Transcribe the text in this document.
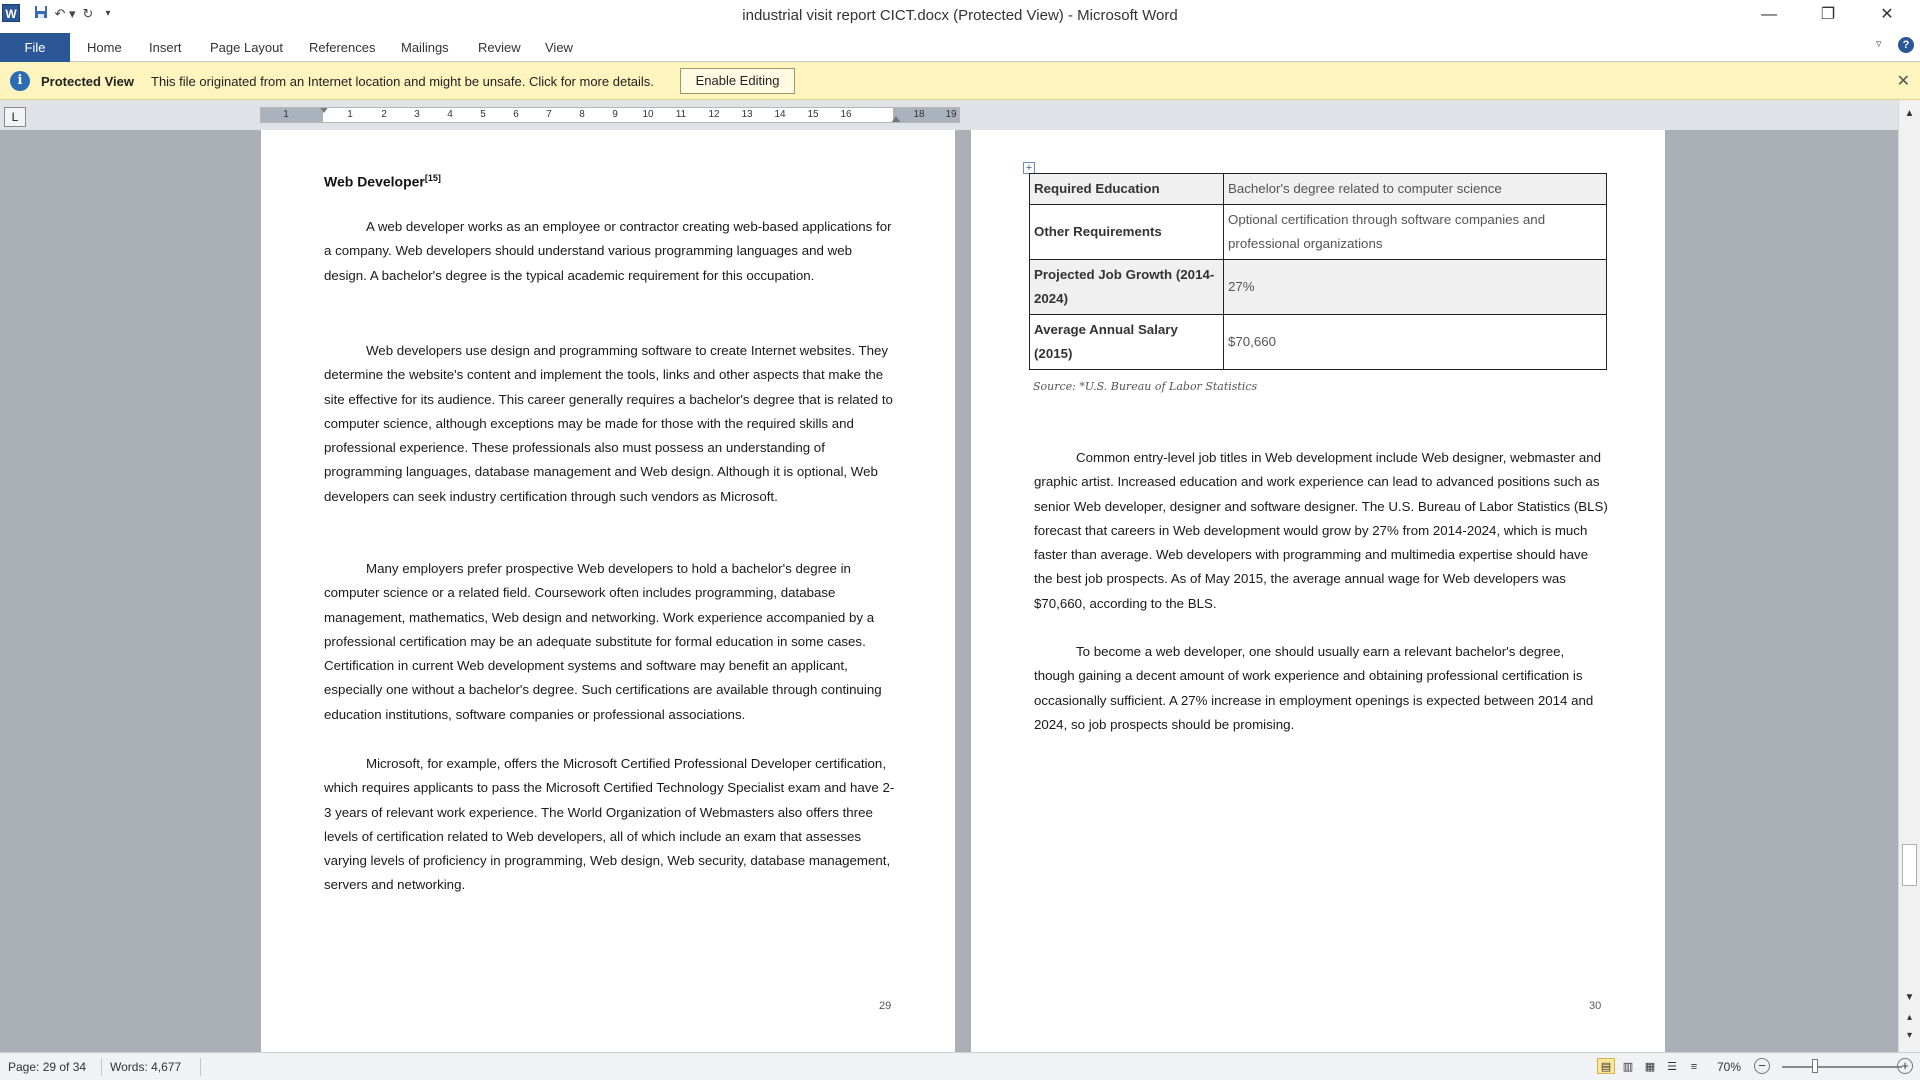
W	↶ ▾ ↻	▾	industrial visit report CICT.docx (Protected View) - Microsoft Word	—	❐	✕
File	Home Insert Page Layout References Mailings Review View	▿	?
i	Protected View This file originated from an Internet location and might be unsafe. Click for more details.	Enable Editing	✕
L	1	1	2	3	4	5	6	7	8	9	10 11 12 13 14 15 16	18 19
Web Developer[15]
A web developer works as an employee or contractor creating web-based applications for a company. Web developers should understand various programming languages and web design. A bachelor's degree is the typical academic requirement for this occupation.
Web developers use design and programming software to create Internet websites. They determine the website's content and implement the tools, links and other aspects that make the site effective for its audience. This career generally requires a bachelor's degree that is related to computer science, although exceptions may be made for those with the required skills and professional experience. These professionals also must possess an understanding of programming languages, database management and Web design. Although it is optional, Web developers can seek industry certification through such vendors as Microsoft.
Many employers prefer prospective Web developers to hold a bachelor's degree in computer science or a related field. Coursework often includes programming, database management, mathematics, Web design and networking. Work experience accompanied by a professional certification may be an adequate substitute for formal education in some cases. Certification in current Web development systems and software may benefit an applicant, especially one without a bachelor's degree. Such certifications are available through continuing education institutions, software companies or professional associations.
Microsoft, for example, offers the Microsoft Certified Professional Developer certification, which requires applicants to pass the Microsoft Certified Technology Specialist exam and have 2-3 years of relevant work experience. The World Organization of Webmasters also offers three levels of certification related to Web developers, all of which include an exam that assesses varying levels of proficiency in programming, Web design, Web security, database management, servers and networking.
29
+
Required Education	Bachelor's degree related to computer science
Other Requirements	Optional certification through software companies and professional organizations
Projected Job Growth (2014-2024)	27%
Average Annual Salary (2015)	$70,660
Source: *U.S. Bureau of Labor Statistics
Common entry-level job titles in Web development include Web designer, webmaster and graphic artist. Increased education and work experience can lead to advanced positions such as senior Web developer, designer and software designer. The U.S. Bureau of Labor Statistics (BLS) forecast that careers in Web development would grow by 27% from 2014-2024, which is much faster than average. Web developers with programming and multimedia expertise should have the best job prospects. As of May 2015, the average annual wage for Web developers was $70,660, according to the BLS.
To become a web developer, one should usually earn a relevant bachelor's degree, though gaining a decent amount of work experience and obtaining professional certification is occasionally sufficient. A 27% increase in employment openings is expected between 2014 and 2024, so job prospects should be promising.
30
▲
▼
▴
▾
Page: 29 of 34 Words: 4,677	▤	▥	▦	☰	≡	70%	−	+
